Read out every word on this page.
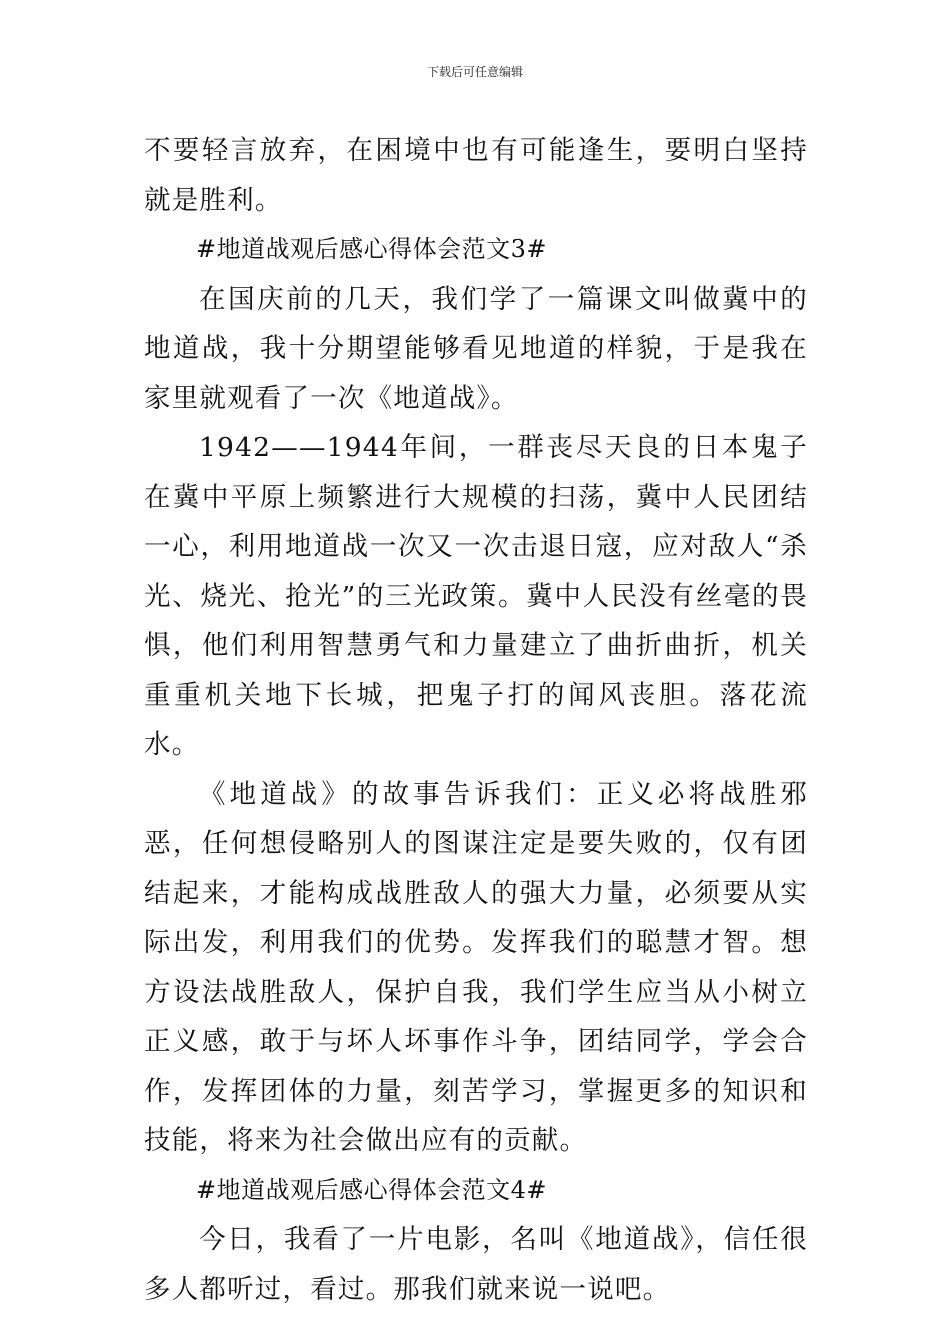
下载后可任意编辑

不要轻言放弃，在困境中也有可能逢生，要明白坚持就是胜利。

#地道战观后感心得体会范文3#

在国庆前的几天，我们学了一篇课文叫做冀中的地道战，我十分期望能够看见地道的样貌，于是我在家里就观看了一次《地道战》。

1942——1944年间，一群丧尽天良的日本鬼子在冀中平原上频繁进行大规模的扫荡，冀中人民团结一心，利用地道战一次又一次击退日寇，应对敌人“杀光、烧光、抢光”的三光政策。冀中人民没有丝毫的畏惧，他们利用智慧勇气和力量建立了曲折曲折，机关重重机关地下长城，把鬼子打的闻风丧胆。落花流水。

《地道战》的故事告诉我们：正义必将战胜邪恶，任何想侵略别人的图谋注定是要失败的，仅有团结起来，才能构成战胜敌人的强大力量，必须要从实际出发，利用我们的优势。发挥我们的聪慧才智。想方设法战胜敌人，保护自我，我们学生应当从小树立正义感，敢于与坏人坏事作斗争，团结同学，学会合作，发挥团体的力量，刻苦学习，掌握更多的知识和技能，将来为社会做出应有的贡献。

#地道战观后感心得体会范文4#

今日，我看了一片电影，名叫《地道战》，信任很多人都听过，看过。那我们就来说一说吧。
